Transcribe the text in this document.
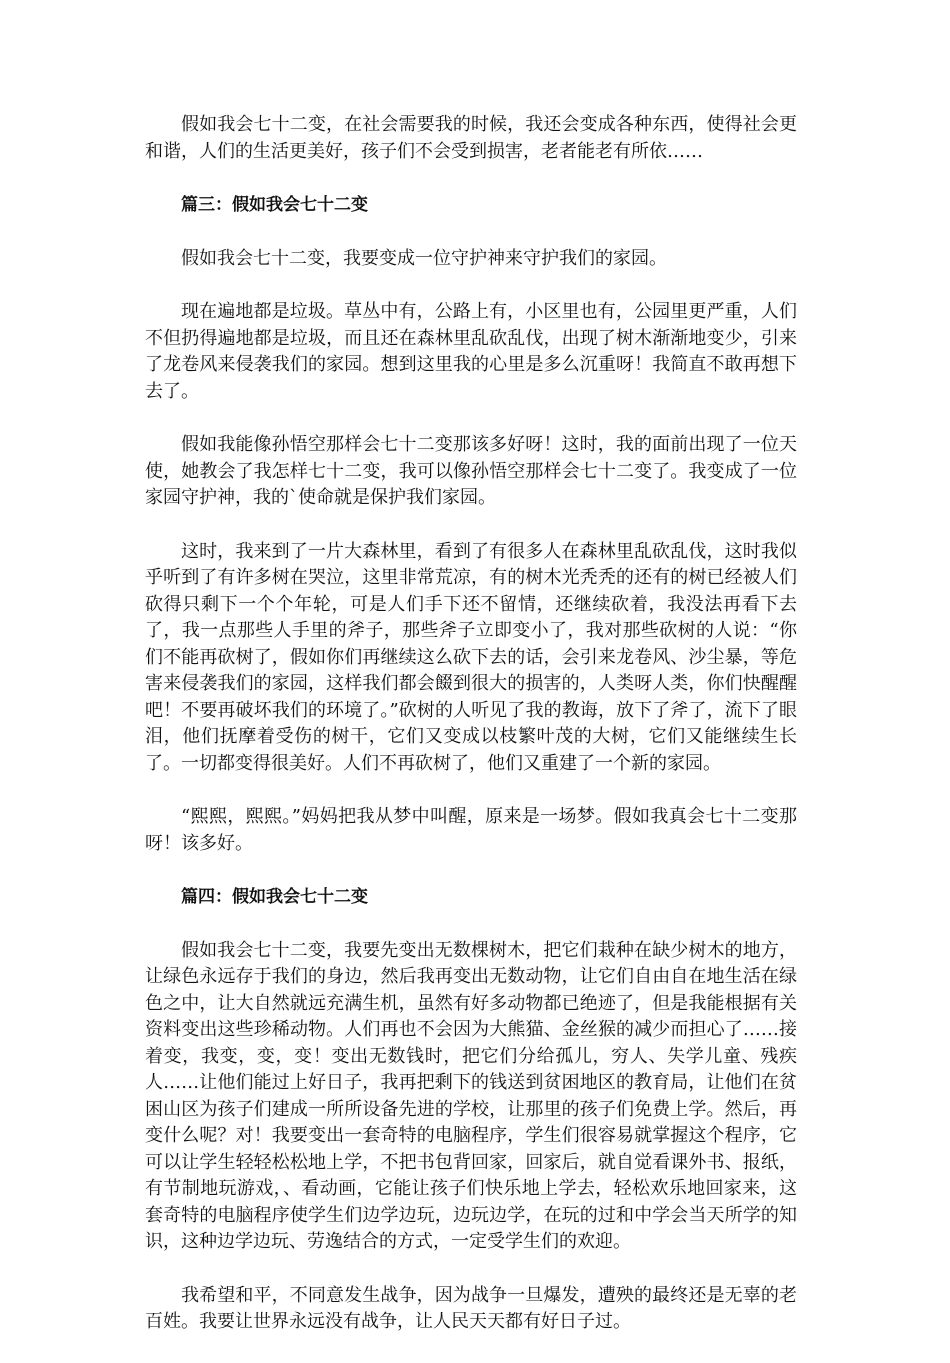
假如我会七十二变，在社会需要我的时候，我还会变成各种东西，使得社会更和谐，人们的生活更美好，孩子们不会受到损害，老者能老有所依……

篇三：假如我会七十二变

假如我会七十二变，我要变成一位守护神来守护我们的家园。

现在遍地都是垃圾。草丛中有，公路上有，小区里也有，公园里更严重，人们不但扔得遍地都是垃圾，而且还在森林里乱砍乱伐，出现了树木渐渐地变少，引来了龙卷风来侵袭我们的家园。想到这里我的心里是多么沉重呀！我简直不敢再想下去了。

假如我能像孙悟空那样会七十二变那该多好呀！这时，我的面前出现了一位天使，她教会了我怎样七十二变，我可以像孙悟空那样会七十二变了。我变成了一位家园守护神，我的`使命就是保护我们家园。

这时，我来到了一片大森林里，看到了有很多人在森林里乱砍乱伐，这时我似乎听到了有许多树在哭泣，这里非常荒凉，有的树木光秃秃的还有的树已经被人们砍得只剩下一个个年轮，可是人们手下还不留情，还继续砍着，我没法再看下去了，我一点那些人手里的斧子，那些斧子立即变小了，我对那些砍树的人说：“你们不能再砍树了，假如你们再继续这么砍下去的话，会引来龙卷风、沙尘暴，等危害来侵袭我们的家园，这样我们都会餟到很大的损害的，人类呀人类，你们快醒醒吧！不要再破坏我们的环境了。”砍树的人听见了我的教诲，放下了斧了，流下了眼泪，他们抚摩着受伤的树干，它们又变成以枝繁叶茂的大树，它们又能继续生长了。一切都变得很美好。人们不再砍树了，他们又重建了一个新的家园。

“熙熙，熙熙。”妈妈把我从梦中叫醒，原来是一场梦。假如我真会七十二变那呀！该多好。

篇四：假如我会七十二变

假如我会七十二变，我要先变出无数棵树木，把它们栽种在缺少树木的地方，让绿色永远存于我们的身边，然后我再变出无数动物，让它们自由自在地生活在绿色之中，让大自然就远充满生机，虽然有好多动物都已绝迹了，但是我能根据有关资料变出这些珍稀动物。人们再也不会因为大熊猫、金丝猴的减少而担心了……接着变，我变，变，变！变出无数钱时，把它们分给孤儿，穷人、失学儿童、残疾人……让他们能过上好日子，我再把剩下的钱送到贫困地区的教育局，让他们在贫困山区为孩子们建成一所所设备先进的学校，让那里的孩子们免费上学。然后，再变什么呢？对！我要变出一套奇特的电脑程序，学生们很容易就掌握这个程序，它可以让学生轻轻松松地上学，不把书包背回家，回家后，就自觉看课外书、报纸，有节制地玩游戏，、看动画，它能让孩子们快乐地上学去，轻松欢乐地回家来，这套奇特的电脑程序使学生们边学边玩，边玩边学，在玩的过和中学会当天所学的知识，这种边学边玩、劳逸结合的方式，一定受学生们的欢迎。

我希望和平，不同意发生战争，因为战争一旦爆发，遭殃的最终还是无辜的老百姓。我要让世界永远没有战争，让人民天天都有好日子过。
